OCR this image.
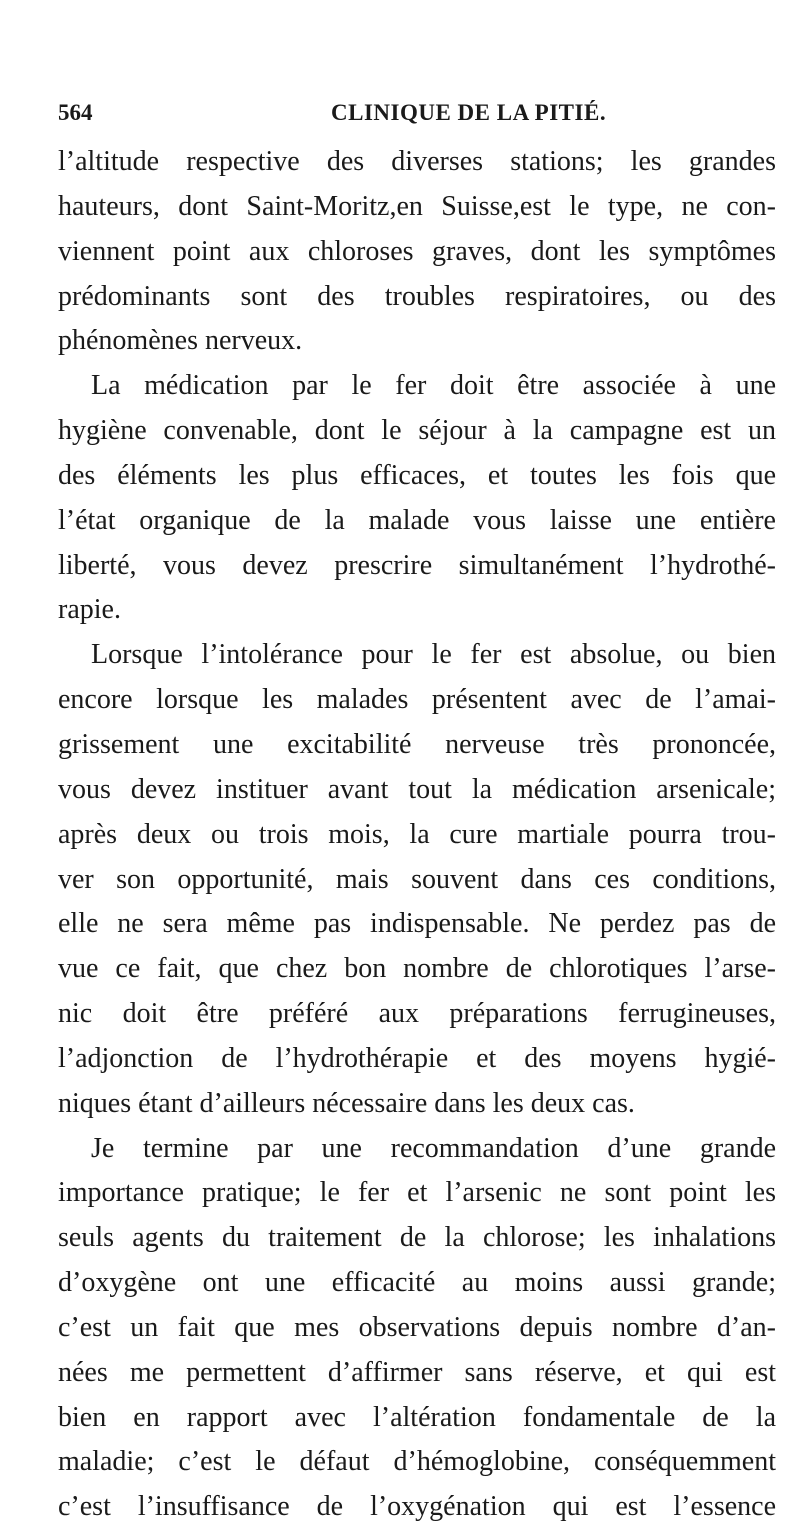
564	CLINIQUE DE LA PITIÉ.
l’altitude respective des diverses stations; les grandes
hauteurs, dont Saint-Moritz,en Suisse,est le type, ne con-
viennent point aux chloroses graves, dont les symptômes
prédominants sont des troubles respiratoires, ou des
phénomènes nerveux.
La médication par le fer doit être associée à une
hygiène convenable, dont le séjour à la campagne est un
des éléments les plus efficaces, et toutes les fois que
l’état organique de la malade vous laisse une entière
liberté, vous devez prescrire simultanément l’hydrothé-
rapie.
Lorsque l’intolérance pour le fer est absolue, ou bien
encore lorsque les malades présentent avec de l’amai-
grissement une excitabilité nerveuse très prononcée,
vous devez instituer avant tout la médication arsenicale;
après deux ou trois mois, la cure martiale pourra trou-
ver son opportunité, mais souvent dans ces conditions,
elle ne sera même pas indispensable. Ne perdez pas de
vue ce fait, que chez bon nombre de chlorotiques l’arse-
nic doit être préféré aux préparations ferrugineuses,
l’adjonction de l’hydrothérapie et des moyens hygié-
niques étant d’ailleurs nécessaire dans les deux cas.
Je termine par une recommandation d’une grande
importance pratique; le fer et l’arsenic ne sont point les
seuls agents du traitement de la chlorose; les inhalations
d’oxygène ont une efficacité au moins aussi grande;
c’est un fait que mes observations depuis nombre d’an-
nées me permettent d’affirmer sans réserve, et qui est
bien en rapport avec l’altération fondamentale de la
maladie; c’est le défaut d’hémoglobine, conséquemment
c’est l’insuffisance de l’oxygénation qui est l’essence
